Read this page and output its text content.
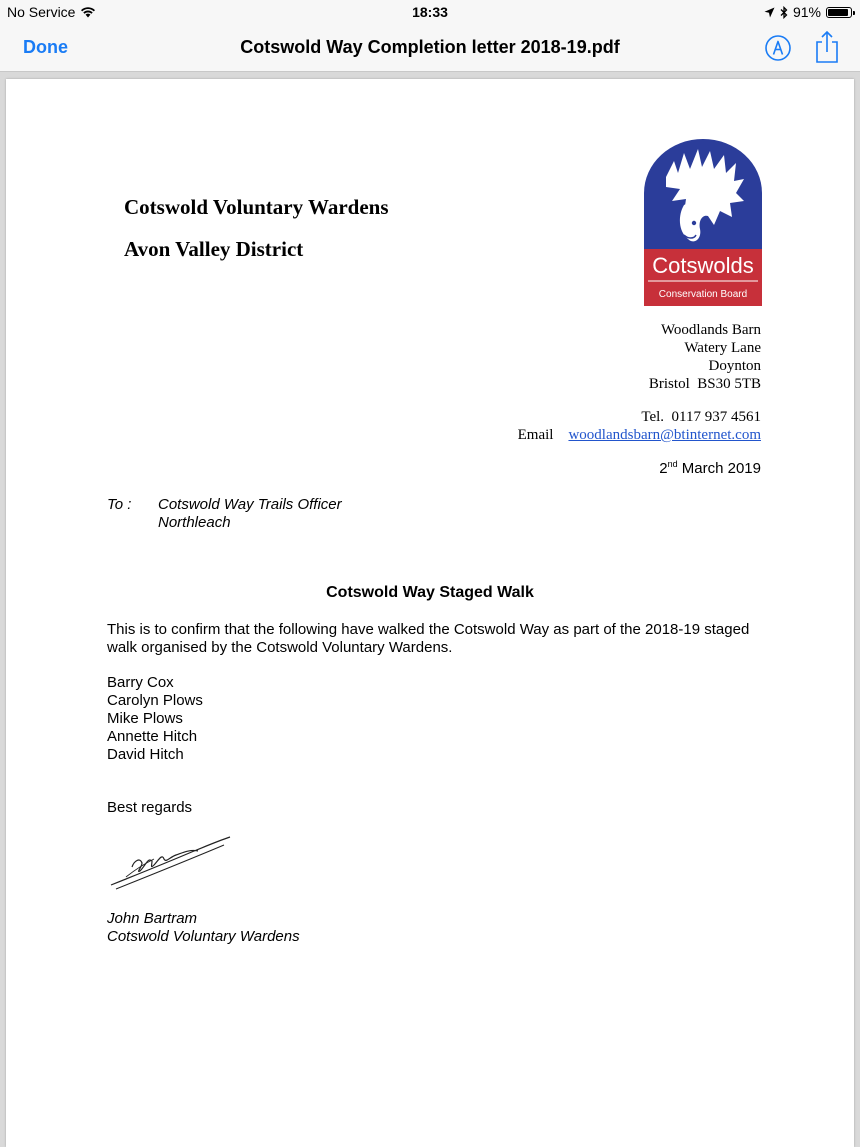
No Service	18:33	91%
Done	Cotswold Way Completion letter 2018-19.pdf
Cotswold Voluntary Wardens
Avon Valley District
Cotswolds
Conservation Board
Woodlands Barn
Watery Lane
Doynton
Bristol  BS30 5TB
Tel. 0117 937 4561
Email woodlandsbarn@btinternet.com
2nd March 2019
To : Cotswold Way Trails Officer
Northleach
Cotswold Way Staged Walk
This is to confirm that the following have walked the Cotswold Way as part of the 2018-19 staged walk organised by the Cotswold Voluntary Wardens.
Barry Cox
Carolyn Plows
Mike Plows
Annette Hitch
David Hitch
Best regards
John Bartram
Cotswold Voluntary Wardens
